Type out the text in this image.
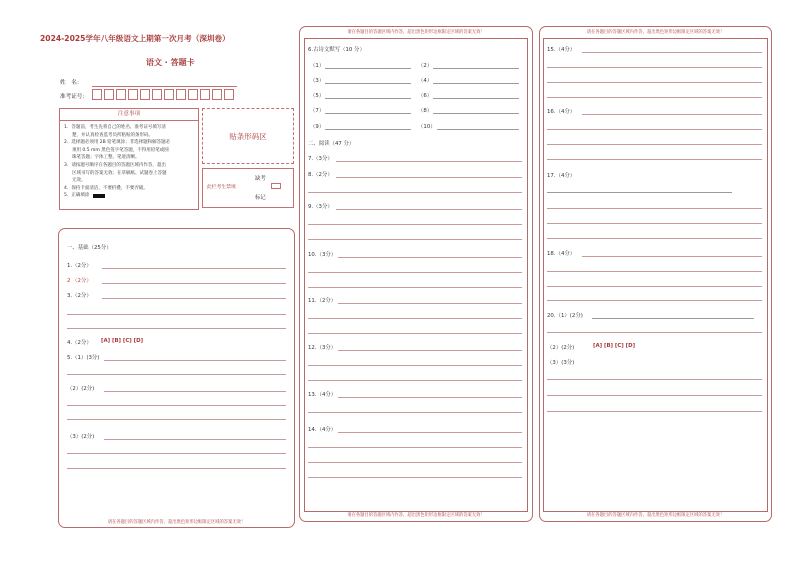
2024-2025学年八年级语文上期第一次月考（深圳卷）
语文 · 答题卡
姓　名：
准考证号：
注意事项
1．答题前，考生先将自己的姓名、准考证号填写清
楚，并认真检查监考员所粘贴的条形码。
2．选择题必须用 2B 铅笔填涂；非选择题和解答题必
须用 0.5 mm 黑色签字笔答题，不得用铅笔或圆
珠笔答题；字体工整、笔迹清晰。
3．请按题号顺序在各题目的答题区域内作答，超出
区域书写的答案无效；在草稿纸、试题卷上答题
无效。
4．保持卡面清洁，不要折叠，不要弄破。
5．正确填涂
贴条形码区
此栏考生禁填
缺考
标记
一、基础（25分）
1.（2分）
2 （2分）
3.（2分）
4.（2分） [A] [B] [C] [D]
5.（1）(3分)
（2）(2分)
（3）(2分)
请在各题目的答题区域内作答，超出黑色矩形边框限定区域的答案无效！
请在各题目的答题区域内作答，超出黑色矩形边框限定区域的答案无效！
6.古诗文默写（10 分）
（1）	（2）
（3）	（4）
（5）	（6）
（7）	（8）
（9）	（10）
二、阅读（47 分）
7.（3分）
8.（2分）
9.（3分）
10.（3分）
11.（2分）
12.（3分）
13.（4分）
14.（4分）
请在各题目的答题区域内作答，超出黑色矩形边框限定区域的答案无效！
请在各题目的答题区域内作答，超出黑色矩形边框限定区域的答案无效！
15.（4分）
16.（4分）
17.（4分）
18.（4分）
20.（1）(2分)
（2）(2分)	[A] [B] [C] [D]
（3）(3分)
请在各题目的答题区域内作答，超出黑色矩形边框限定区域的答案无效！
